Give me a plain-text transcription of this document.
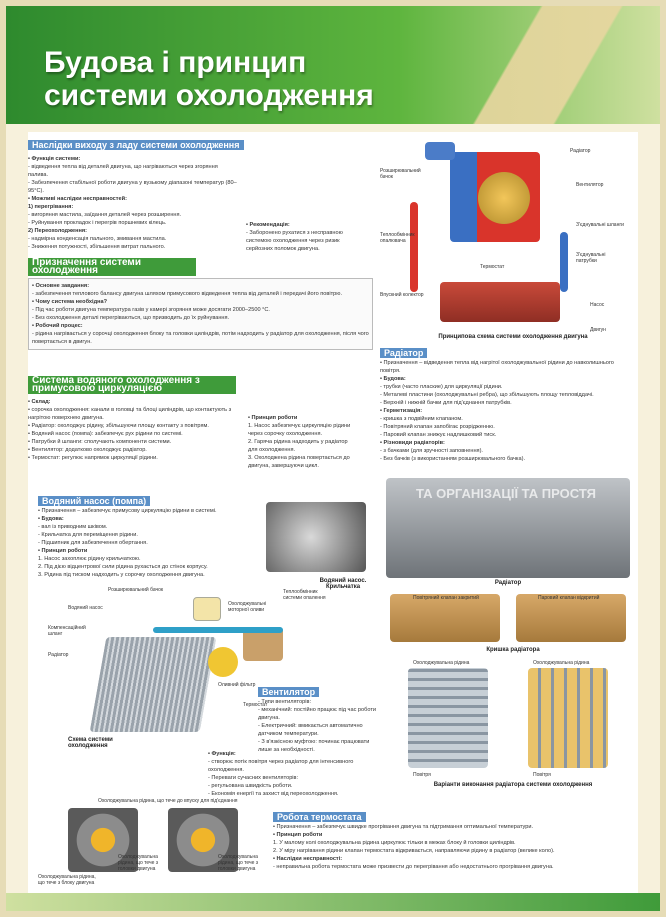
Будова і принцип
системи охолодження
Наслідки виходу з ладу системи охолодження
• Функція системи:
- відведення тепла від деталей двигуна, що нагріваються через згоряння палива.
- Забезпечення стабільної роботи двигуна у вузькому діапазоні температур (80–95°C).
• Можливі наслідки несправностей:
1) перегрівання:
- вигоряння мастила, заїдання деталей через розширення.
- Руйнування прокладок і перегрів поршневих кілець.
2) Переохолодження:
- надмірна конденсація пального, змивання мастила.
- Зниження потужності, збільшення витрат пального.
• Рекомендація:
- Заборонено рухатися з несправною системою охолодження через ризик серйозних поломок двигуна.
Призначення системи охолодження
• Основне завдання:
- забезпечення теплового балансу двигуна шляхом примусового відведення тепла від деталей і передачі його повітрю.
• Чому система необхідна?
- Під час роботи двигуна температура газів у камері згоряння може досягати 2000–2500 °C.
- Без охолодження деталі перегріваються, що призводить до їх руйнування.
• Робочий процес:
- рідина нагрівається у сорочці охолодження блоку та головки циліндрів, потім надходить у радіатор для охолодження, після чого повертається в двигун.
Система водяного охолодження з примусовою циркуляцією
• Склад:
• сорочка охолодження: канали в головці та блоці циліндрів, що контактують з нагрітою поверхнею двигуна.
• Радіатор: охолоджує рідину, збільшуючи площу контакту з повітрям.
• Водяний насос (помпа): забезпечує рух рідини по системі.
• Патрубки й шланги: сполучають компоненти системи.
• Вентилятор: додатково охолоджує радіатор.
• Термостат: регулює напрямок циркуляції рідини.
• Принцип роботи
1. Насос забезпечує циркуляцію рідини через сорочку охолодження.
2. Гаряча рідина надходить у радіатор для охолодження.
3. Охолоджена рідина повертається до двигуна, завершуючи цикл.
Водяний насос (помпа)
• Призначення – забезпечує примусову циркуляцію рідини в системі.
• Будова:
- вал із приводним шківом.
- Крильчатка для переміщення рідини.
- Підшипник для забезпечення обертання.
• Принцип роботи
1. Насос захоплює рідину крильчаткою.
2. Під дією відцентрової сили рідина рухається до стінок корпусу.
3. Рідина під тиском надходить у сорочку охолодження двигуна.
Водяний насос. Крильчатка
Радіатор
Розширювальний бачок
Вентилятор
З'єднувальні шланги
Теплообмінник опалювача
З'єднувальні патрубки
Термостат
Впускний колектор
Насос
Двигун
Принципова схема системи охолодження двигуна
Радіатор
• Призначення – відведення тепла від нагрітої охолоджувальної рідини до навколишнього повітря.
• Будова:
- трубки (часто плаские) для циркуляції рідини.
- Металеві пластини (охолоджувальні ребра), що збільшують площу тепловіддачі.
- Верхній і нижній бачки для під'єднання патрубків.
• Герметизація:
- кришка з подвійним клапаном.
- Повітряний клапан запобігає розрідженню.
- Паровий клапан знижує надлишковий тиск.
• Різновиди радіаторів:
- з бачками (для зручності заповнення).
- Без бачків (з використанням розширювального бачка).
ТА ОРГАНІЗАЦІЇ ТА ПРОСТЯ
Радіатор
Повітряний клапан закритий	Паровий клапан відкритий
Кришка радіатора
Охолоджувальна рідина	Охолоджувальна рідина
Повітря	Повітря
Варіанти виконання радіатора системи охолодження
Розширювальний бачок
Водяний насос
Теплообмінник системи опалення
Охолоджувальні моторної оливи
Компенсаційний шланг
Оливний фільтр
Радіатор
Термостат
Схема системи охолодження
Вентилятор
- Типи вентиляторів:
- механічний: постійно працює під час роботи двигуна.
- Електричний: вмикається автоматично датчиком температури.
- З в'язкісною муфтою: починає працювати лише за необхідності.
• Функція:
- створює потік повітря через радіатор для інтенсивного охолодження.
- Переваги сучасних вентиляторів:
- регульована швидкість роботи.
- Економія енергії та захист від переохолодження.
Охолоджувальна рідина, що тече до впуску для під'єднання
Охолоджувальна рідина, що тече з блоку двигуна
Охолоджувальна рідина, що тече з головки двигуна
Охолоджувальна рідина, що тече з головки двигуна
Робота термостата
• Призначення – забезпечує швидке прогрівання двигуна та підтримання оптимальної температури.
• Принцип роботи
1. У малому колі охолоджувальна рідина циркулює тільки в межах блоку й головки циліндрів.
2. У міру нагрівання рідини клапан термостата відкривається, направляючи рідину в радіатор (велике коло).
• Наслідки несправності:
- неправильна робота термостата може призвести до перегрівання або недостатнього прогрівання двигуна.
